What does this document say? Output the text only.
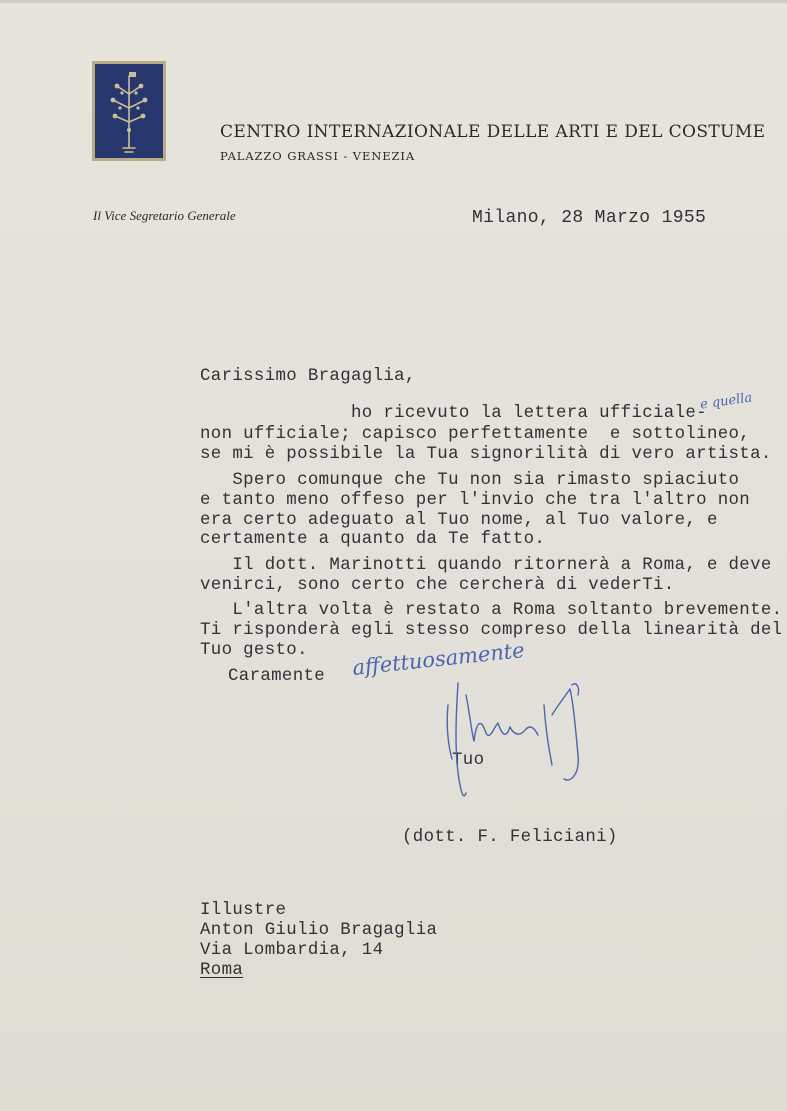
CENTRO INTERNAZIONALE DELLE ARTI E DEL COSTUME
PALAZZO GRASSI - VENEZIA
Il Vice Segretario Generale	Milano, 28 Marzo 1955
Carissimo Bragaglia,
ho ricevuto la lettera ufficiale-
non ufficiale; capisco perfettamente  e sottolineo,
se mi è possibile la Tua signorilità di vero artista.
Spero comunque che Tu non sia rimasto spiaciuto
e tanto meno offeso per l'invio che tra l'altro non
era certo adeguato al Tuo nome, al Tuo valore, e
certamente a quanto da Te fatto.
Il dott. Marinotti quando ritornerà a Roma, e deve
venirci, sono certo che cercherà di vederTi.
L'altra volta è restato a Roma soltanto brevemente.
Ti risponderà egli stesso compreso della linearità del
Tuo gesto.
Caramente
Tuo
e quella
affettuosamente
(dott. F. Feliciani)
Illustre
Anton Giulio Bragaglia
Via Lombardia, 14
Roma
